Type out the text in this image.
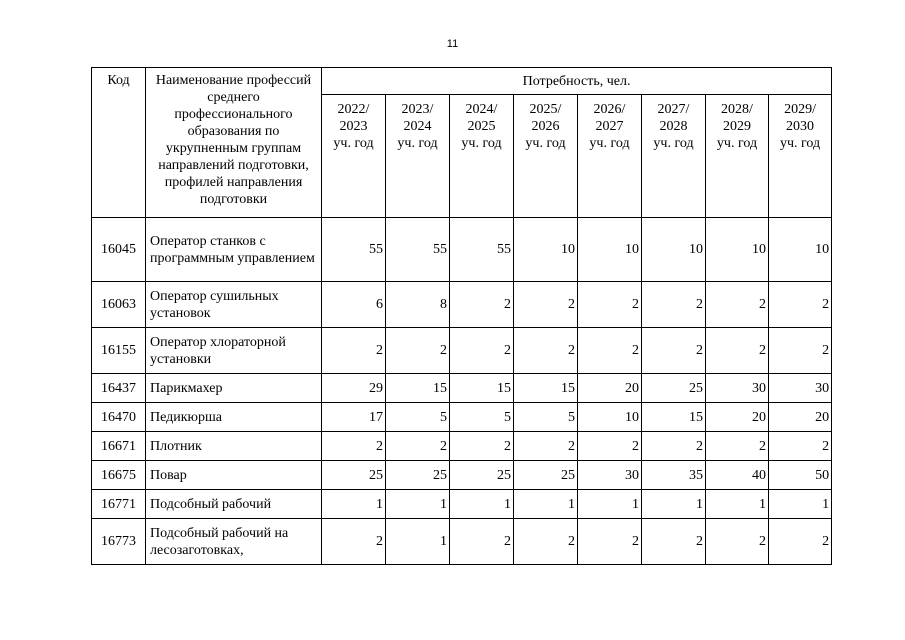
11
Код	Наименование профессий среднего профессионального образования по укрупненным группам направлений подготовки, профилей направления подготовки	Потребность, чел.							
		2022/
2023
уч. год	2023/
2024
уч. год	2024/
2025
уч. год	2025/
2026
уч. год	2026/
2027
уч. год	2027/
2028
уч. год	2028/
2029
уч. год	2029/
2030
уч. год
16045	Оператор станков с программным управлением	55	55	55	10	10	10	10	10
16063	Оператор сушильных установок	6	8	2	2	2	2	2	2
16155	Оператор хлораторной установки	2	2	2	2	2	2	2	2
16437	Парикмахер	29	15	15	15	20	25	30	30
16470	Педикюрша	17	5	5	5	10	15	20	20
16671	Плотник	2	2	2	2	2	2	2	2
16675	Повар	25	25	25	25	30	35	40	50
16771	Подсобный рабочий	1	1	1	1	1	1	1	1
16773	Подсобный рабочий на лесозаготовках,	2	1	2	2	2	2	2	2
